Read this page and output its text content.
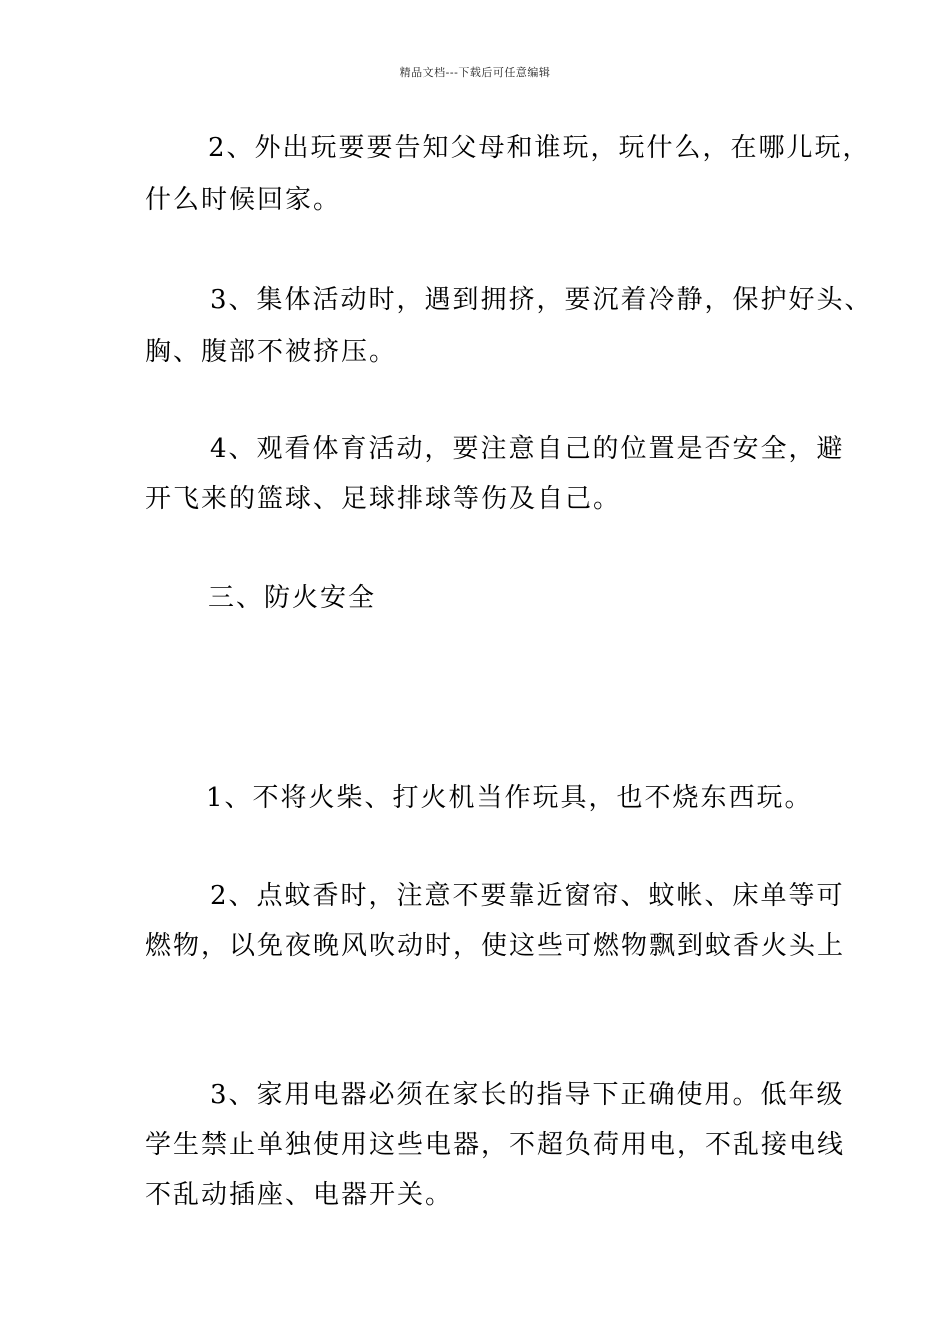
精品文档---下载后可任意编辑
2、外出玩要要告知父母和谁玩，玩什么，在哪儿玩，
什么时候回家。
3、集体活动时，遇到拥挤，要沉着冷静，保护好头、
胸、腹部不被挤压。
4、观看体育活动，要注意自己的位置是否安全，避
开飞来的篮球、足球排球等伤及自己。
三、防火安全
1、不将火柴、打火机当作玩具，也不烧东西玩。
2、点蚊香时，注意不要靠近窗帘、蚊帐、床单等可
燃物，以免夜晚风吹动时，使这些可燃物飘到蚊香火头上
3、家用电器必须在家长的指导下正确使用。低年级
学生禁止单独使用这些电器，不超负荷用电，不乱接电线
不乱动插座、电器开关。
